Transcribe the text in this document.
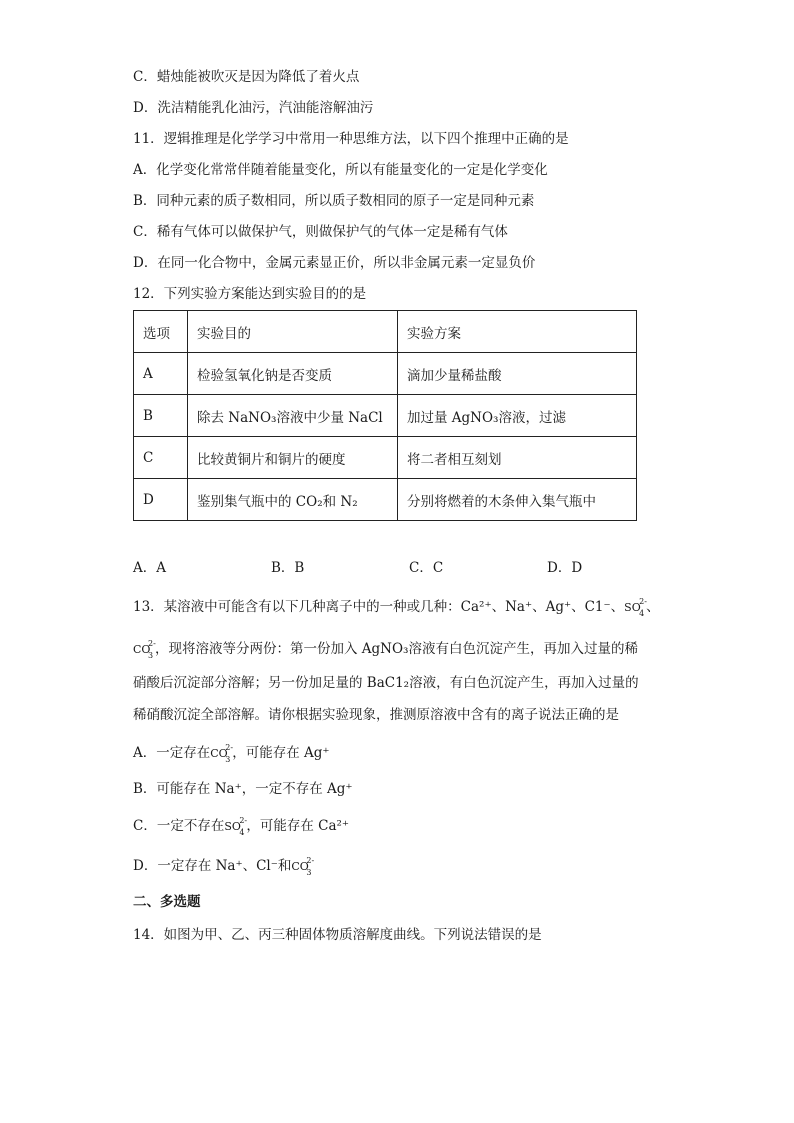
C．蜡烛能被吹灭是因为降低了着火点
D．洗洁精能乳化油污，汽油能溶解油污
11．逻辑推理是化学学习中常用一种思维方法，以下四个推理中正确的是
A．化学变化常常伴随着能量变化，所以有能量变化的一定是化学变化
B．同种元素的质子数相同，所以质子数相同的原子一定是同种元素
C．稀有气体可以做保护气，则做保护气的气体一定是稀有气体
D．在同一化合物中，金属元素显正价，所以非金属元素一定显负价
12．下列实验方案能达到实验目的的是
选项	实验目的	实验方案
A	检验氢氧化钠是否变质	滴加少量稀盐酸
B	除去 NaNO₃溶液中少量 NaCl	加过量 AgNO₃溶液，过滤
C	比较黄铜片和铜片的硬度	将二者相互刻划
D	鉴别集气瓶中的 CO₂和 N₂	分别将燃着的木条伸入集气瓶中
A．A	B．B	C．C	D．D
13．某溶液中可能含有以下几种离子中的一种或几种：Ca²⁺、Na⁺、Ag⁺、C1⁻、 SO
2-
4 、
CO
2-
3 ，现将溶液等分两份：第一份加入 AgNO₃溶液有白色沉淀产生，再加入过量的稀
硝酸后沉淀部分溶解；另一份加足量的 BaC1₂溶液，有白色沉淀产生，再加入过量的
稀硝酸沉淀全部溶解。请你根据实验现象，推测原溶液中含有的离子说法正确的是
A．一定存在 CO
2-
3 ，可能存在 Ag⁺
B．可能存在 Na⁺，一定不存在 Ag⁺
C．一定不存在 SO
2-
4 ，可能存在 Ca²⁺
D．一定存在 Na⁺、Cl⁻和 CO
2-
3
二、多选题
14．如图为甲、乙、丙三种固体物质溶解度曲线。下列说法错误的是
